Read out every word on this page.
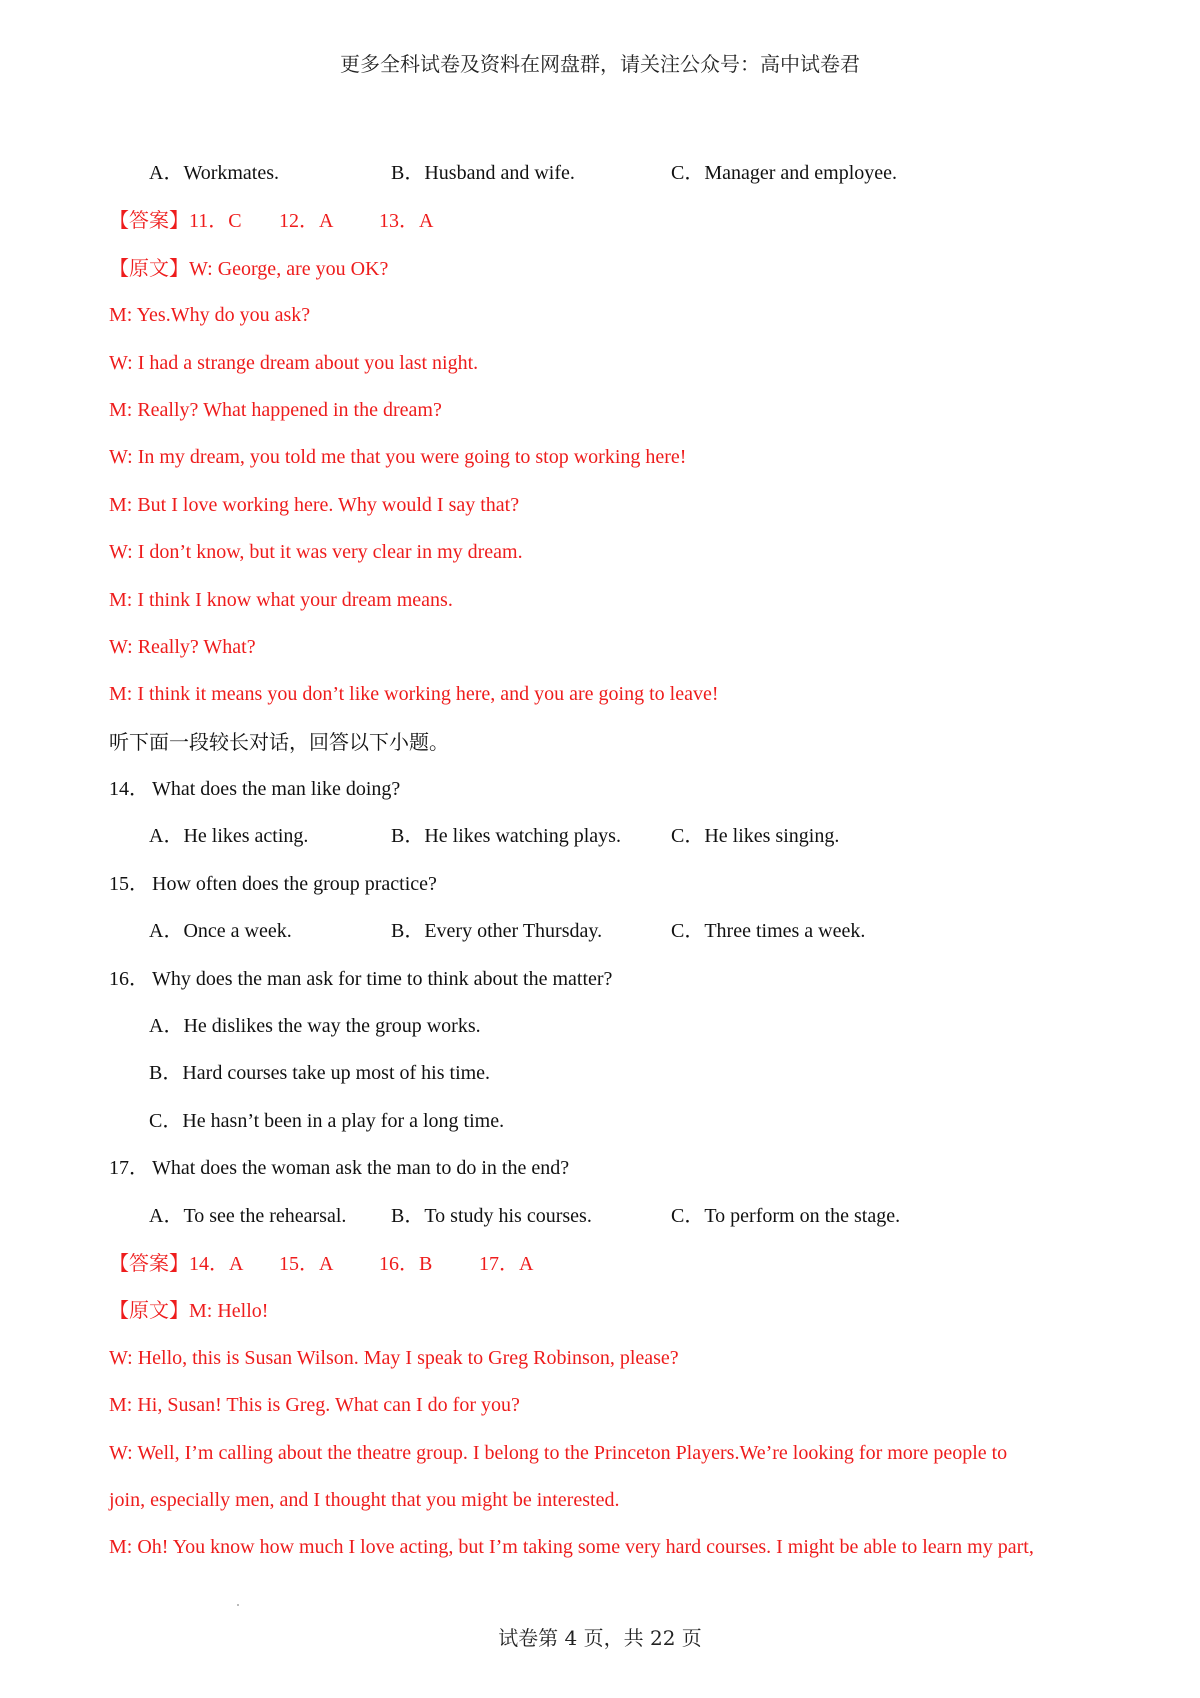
更多全科试卷及资料在网盘群，请关注公众号：高中试卷君
A．Workmates.	B．Husband and wife.	C．Manager and employee.
【答案】11．C 12．A 13．A
【原文】W: George, are you OK?
M: Yes.Why do you ask?
W: I had a strange dream about you last night.
M: Really? What happened in the dream?
W: In my dream, you told me that you were going to stop working here!
M: But I love working here. Why would I say that?
W: I don’t know, but it was very clear in my dream.
M: I think I know what your dream means.
W: Really? What?
M: I think it means you don’t like working here, and you are going to leave!
听下面一段较长对话，回答以下小题。
14． What does the man like doing?
A．He likes acting.	B．He likes watching plays.	C．He likes singing.
15． How often does the group practice?
A．Once a week.	B．Every other Thursday.	C．Three times a week.
16． Why does the man ask for time to think about the matter?
A．He dislikes the way the group works.
B．Hard courses take up most of his time.
C．He hasn’t been in a play for a long time.
17． What does the woman ask the man to do in the end?
A．To see the rehearsal. B．To study his courses.	C．To perform on the stage.
【答案】14．A 15．A 16．B 17．A
【原文】M: Hello!
W: Hello, this is Susan Wilson. May I speak to Greg Robinson, please?
M: Hi, Susan! This is Greg. What can I do for you?
W: Well, I’m calling about the theatre group. I belong to the Princeton Players.We’re looking for more people to
join, especially men, and I thought that you might be interested.
M: Oh! You know how much I love acting, but I’m taking some very hard courses. I might be able to learn my part,
试卷第 4 页，共 22 页
